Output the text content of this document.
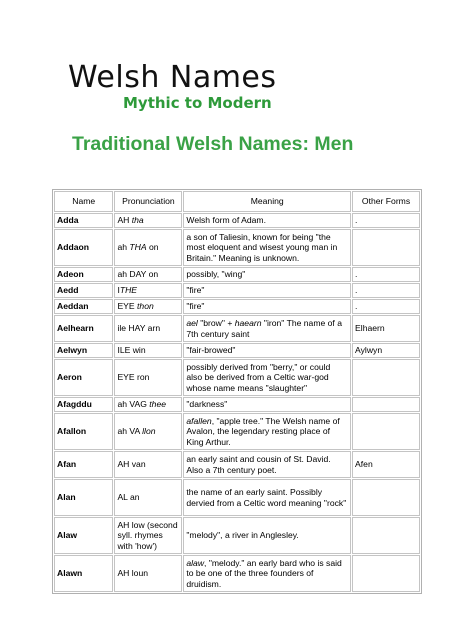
Welsh Names
Mythic to Modern
Traditional Welsh Names: Men
Name	Pronunciation	Meaning	Other Forms
Adda	AH tha	Welsh form of Adam.	.
Addaon	ah THA on	a son of Taliesin, known for being "the most eloquent and wisest young man in Britain." Meaning is unknown.	
Adeon	ah DAY on	possibly, "wing"	.
Aedd	ITHE	"fire"	.
Aeddan	EYE thon	"fire"	.
Aelhearn	ile HAY arn	ael "brow" + haearn "iron" The name of a 7th century saint	Elhaern
Aelwyn	ILE win	"fair-browed"	Aylwyn
Aeron	EYE ron	possibly derived from "berry," or could also be derived from a Celtic war-god whose name means "slaughter"	
Afagddu	ah VAG thee	"darkness"	
Afallon	ah VA llon	afallen, "apple tree." The Welsh name of Avalon, the legendary resting place of King Arthur.	
Afan	AH van	an early saint and cousin of St. David. Also a 7th century poet.	Afen
Alan	AL an	the name of an early saint. Possibly dervied from a Celtic word meaning "rock"	
Alaw	AH low (second syll. rhymes with 'how')	"melody", a river in Anglesley.	
Alawn	AH loun	alaw, "melody." an early bard who is said to be one of the three founders of druidism.	
